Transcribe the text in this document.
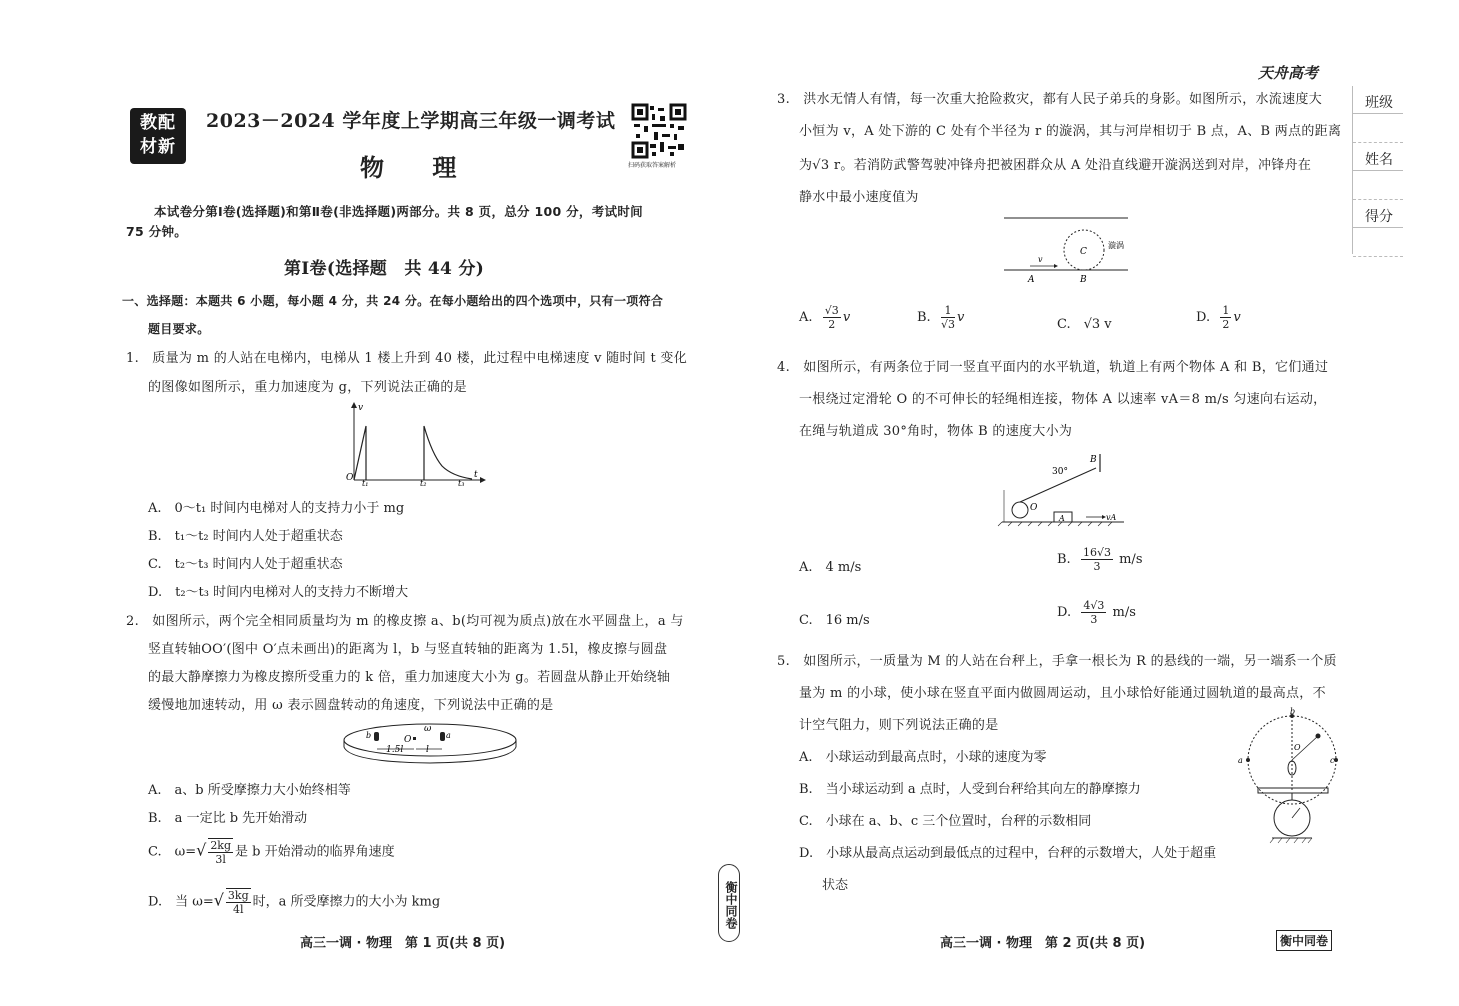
教配
材新
2023－2024 学年度上学期高三年级一调考试
物 理	扫码获取答案解析
本试卷分第Ⅰ卷(选择题)和第Ⅱ卷(非选择题)两部分。共 8 页，总分 100 分，考试时间
75 分钟。
第Ⅰ卷(选择题　共 44 分)
一、选择题：本题共 6 小题，每小题 4 分，共 24 分。在每小题给出的四个选项中，只有一项符合
题目要求。
1.　质量为 m 的人站在电梯内，电梯从 1 楼上升到 40 楼，此过程中电梯速度 v 随时间 t 变化
的图像如图所示，重力加速度为 g，下列说法正确的是
v
t
O
t₁	t₂	t₃
A.　0～t₁ 时间内电梯对人的支持力小于 mg
B.　t₁～t₂ 时间内人处于超重状态
C.　t₂～t₃ 时间内人处于超重状态
D.　t₂～t₃ 时间内电梯对人的支持力不断增大
2.　如图所示，两个完全相同质量均为 m 的橡皮擦 a、b(均可视为质点)放在水平圆盘上，a 与
竖直转轴OO′(图中 O′点未画出)的距离为 l，b 与竖直转轴的距离为 1.5l，橡皮擦与圆盘
的最大静摩擦力为橡皮擦所受重力的 k 倍，重力加速度大小为 g。若圆盘从静止开始绕轴
缓慢地加速转动，用 ω 表示圆盘转动的角速度，下列说法中正确的是
ω
b	O	a
1.5l	l
A.　a、b 所受摩擦力大小始终相等
B.　a 一定比 b 先开始滑动
C.　$\omega=√ \frac{2kg}{3l}$ 是 b 开始滑动的临界角速度
D.　当 $\omega=√ \frac{3kg}{4l}$ 时，a 所受摩擦力的大小为 kmg
高三一调 · 物理　第 1 页(共 8 页)
衡中同卷
天舟高考
班级
姓名
得分
3.　洪水无情人有情，每一次重大抢险救灾，都有人民子弟兵的身影。如图所示，水流速度大
小恒为 v，A 处下游的 C 处有个半径为 r 的漩涡，其与河岸相切于 B 点，A、B 两点的距离
为√3 r。若消防武警驾驶冲锋舟把被困群众从 A 处沿直线避开漩涡送到对岸，冲锋舟在
静水中最小速度值为
v
C
漩涡
A	B
A. $\frac{√3}{2}$ v	B. $\frac{1}{√3}$ v	C.　√3 v	D. $\frac{1}{2}$ v
4.　如图所示，有两条位于同一竖直平面内的水平轨道，轨道上有两个物体 A 和 B，它们通过
一根绕过定滑轮 O 的不可伸长的轻绳相连接，物体 A 以速率 vA＝8 m/s 匀速向右运动，
在绳与轨道成 30°角时，物体 B 的速度大小为
30°
B
O
A	vA
A.　4 m/s
B. $\frac{16√3}{3} m/s$
C.　16 m/s
D. $\frac{4√3}{3} m/s$
5.　如图所示，一质量为 M 的人站在台秤上，手拿一根长为 R 的悬线的一端，另一端系一个质
量为 m 的小球，使小球在竖直平面内做圆周运动，且小球恰好能通过圆轨道的最高点，不
计空气阻力，则下列说法正确的是
A.　小球运动到最高点时，小球的速度为零
B.　当小球运动到 a 点时，人受到台秤给其向左的静摩擦力
C.　小球在 a、b、c 三个位置时，台秤的示数相同
D.　小球从最高点运动到最低点的过程中，台秤的示数增大，人处于超重
状态
b
a	c
O
高三一调 · 物理　第 2 页(共 8 页)	衡中同卷
